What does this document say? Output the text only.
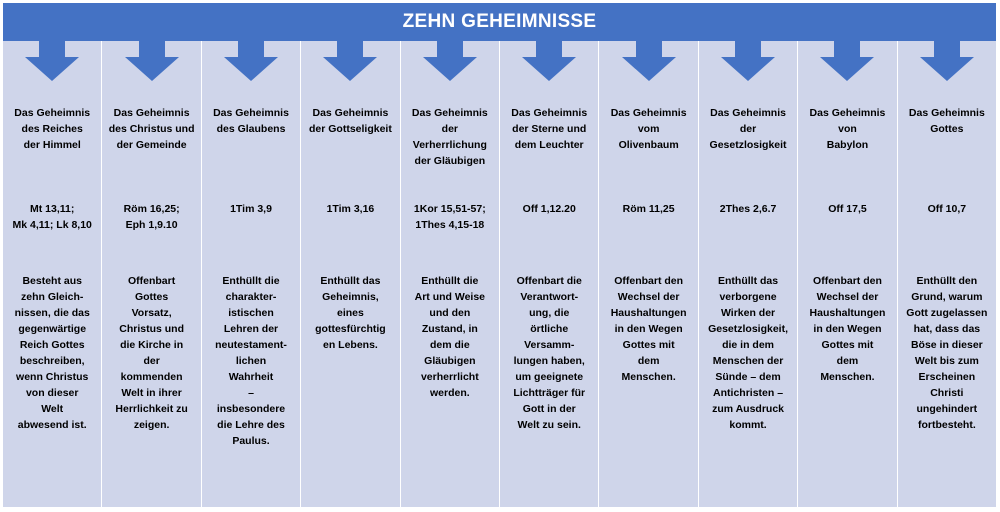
ZEHN GEHEIMNISSE
Das Geheimnis
des Reiches
der Himmel
Mt 13,11;
Mk 4,11; Lk 8,10
Besteht aus
zehn Gleich-
nissen, die das
gegenwärtige
Reich Gottes
beschreiben,
wenn Christus
von dieser
Welt
abwesend ist.
Das Geheimnis
des Christus und
der Gemeinde
Röm 16,25;
Eph 1,9.10
Offenbart
Gottes
Vorsatz,
Christus und
die Kirche in
der
kommenden
Welt in ihrer
Herrlichkeit zu
zeigen.
Das Geheimnis
des Glaubens
1Tim 3,9
Enthüllt die
charakter-
istischen
Lehren der
neutestament-
lichen
Wahrheit
–
insbesondere
die Lehre des
Paulus.
Das Geheimnis
der Gottseligkeit
1Tim 3,16
Enthüllt das
Geheimnis,
eines
gottesfürchtig
en Lebens.
Das Geheimnis
der
Verherrlichung
der Gläubigen
1Kor 15,51-57;
1Thes 4,15-18
Enthüllt die
Art und Weise
und den
Zustand, in
dem die
Gläubigen
verherrlicht
werden.
Das Geheimnis
der Sterne und
dem Leuchter
Off 1,12.20
Offenbart die
Verantwort-
ung, die
örtliche
Versamm-
lungen haben,
um geeignete
Lichtträger für
Gott in der
Welt zu sein.
Das Geheimnis
vom
Olivenbaum
Röm 11,25
Offenbart den
Wechsel der
Haushaltungen
in den Wegen
Gottes mit
dem
Menschen.
Das Geheimnis
der
Gesetzlosigkeit
2Thes 2,6.7
Enthüllt das
verborgene
Wirken der
Gesetzlosigkeit,
die in dem
Menschen der
Sünde – dem
Antichristen –
zum Ausdruck
kommt.
Das Geheimnis
von
Babylon
Off 17,5
Offenbart den
Wechsel der
Haushaltungen
in den Wegen
Gottes mit
dem
Menschen.
Das Geheimnis
Gottes
Off 10,7
Enthüllt den
Grund, warum
Gott zugelassen
hat, dass das
Böse in dieser
Welt bis zum
Erscheinen
Christi
ungehindert
fortbesteht.
